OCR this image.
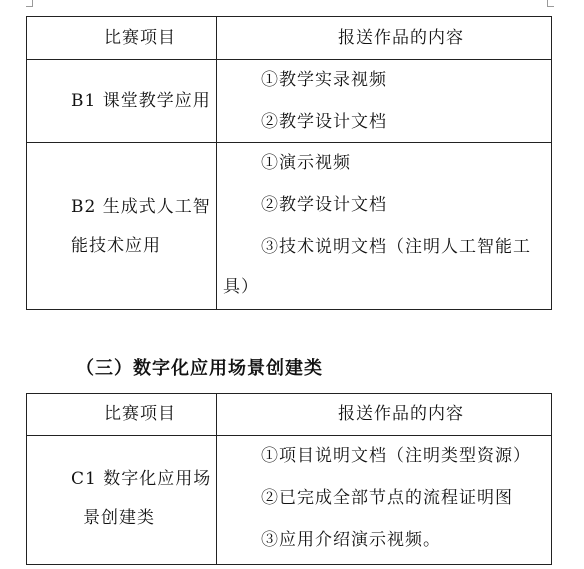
比赛项目	报送作品的内容
B1 课堂教学应用
①教学实录视频
②教学设计文档
B2 生成式人工智
能技术应用
①演示视频
②教学设计文档
③技术说明文档（注明人工智能工
具）
（三）数字化应用场景创建类
比赛项目	报送作品的内容
C1 数字化应用场
景创建类
①项目说明文档（注明类型资源）
②已完成全部节点的流程证明图
③应用介绍演示视频。
